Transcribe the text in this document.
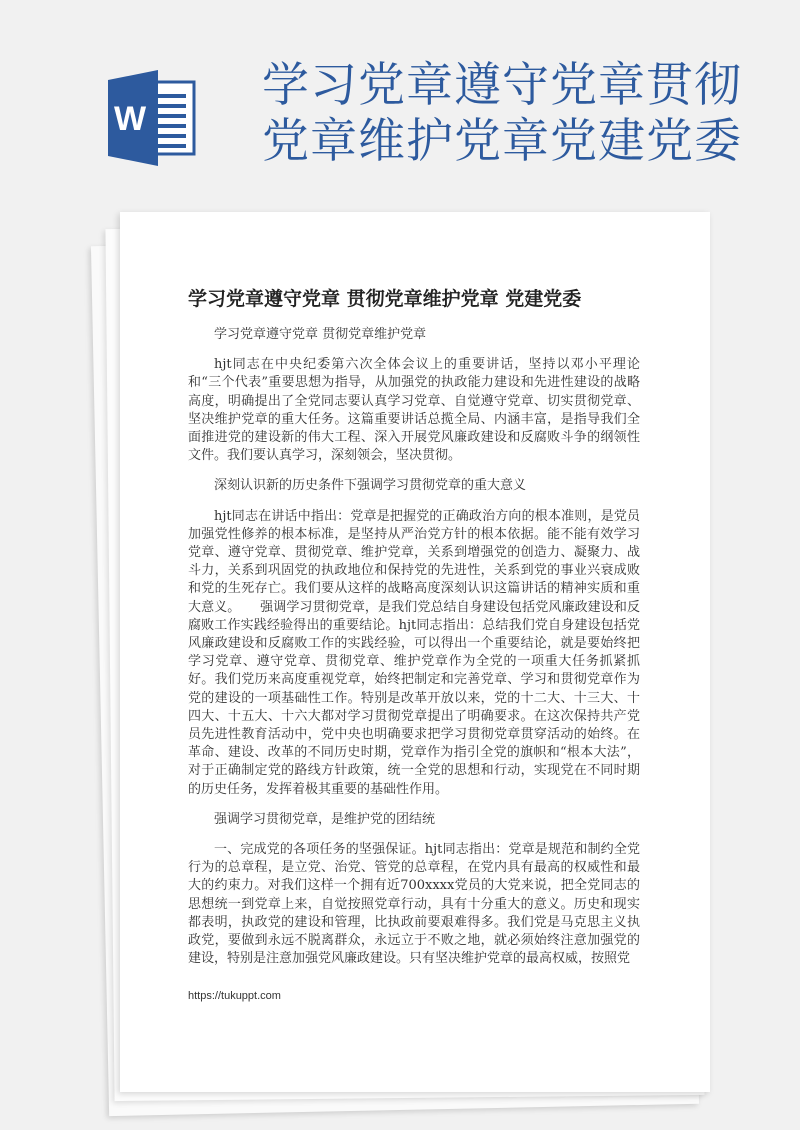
W
学习党章遵守党章贯彻
党章维护党章党建党委
学习党章遵守党章 贯彻党章维护党章 党建党委

学习党章遵守党章 贯彻党章维护党章

hjt同志在中央纪委第六次全体会议上的重要讲话，坚持以邓小平理论和“三个代表”重要思想为指导，从加强党的执政能力建设和先进性建设的战略高度，明确提出了全党同志要认真学习党章、自觉遵守党章、切实贯彻党章、坚决维护党章的重大任务。这篇重要讲话总揽全局、内涵丰富，是指导我们全面推进党的建设新的伟大工程、深入开展党风廉政建设和反腐败斗争的纲领性文件。我们要认真学习，深刻领会，坚决贯彻。

深刻认识新的历史条件下强调学习贯彻党章的重大意义

hjt同志在讲话中指出：党章是把握党的正确政治方向的根本准则，是党员加强党性修养的根本标准，是坚持从严治党方针的根本依据。能不能有效学习党章、遵守党章、贯彻党章、维护党章，关系到增强党的创造力、凝聚力、战斗力，关系到巩固党的执政地位和保持党的先进性，关系到党的事业兴衰成败和党的生死存亡。我们要从这样的战略高度深刻认识这篇讲话的精神实质和重大意义。　　强调学习贯彻党章，是我们党总结自身建设包括党风廉政建设和反腐败工作实践经验得出的重要结论。hjt同志指出：总结我们党自身建设包括党风廉政建设和反腐败工作的实践经验，可以得出一个重要结论，就是要始终把学习党章、遵守党章、贯彻党章、维护党章作为全党的一项重大任务抓紧抓好。我们党历来高度重视党章，始终把制定和完善党章、学习和贯彻党章作为党的建设的一项基础性工作。特别是改革开放以来，党的十二大、十三大、十四大、十五大、十六大都对学习贯彻党章提出了明确要求。在这次保持共产党员先进性教育活动中，党中央也明确要求把学习贯彻党章贯穿活动的始终。在革命、建设、改革的不同历史时期，党章作为指引全党的旗帜和“根本大法”，对于正确制定党的路线方针政策，统一全党的思想和行动，实现党在不同时期的历史任务，发挥着极其重要的基础性作用。

强调学习贯彻党章，是维护党的团结统

一、完成党的各项任务的坚强保证。hjt同志指出：党章是规范和制约全党行为的总章程，是立党、治党、管党的总章程，在党内具有最高的权威性和最大的约束力。对我们这样一个拥有近700xxxx党员的大党来说，把全党同志的思想统一到党章上来，自觉按照党章行动，具有十分重大的意义。历史和现实都表明，执政党的建设和管理，比执政前要艰难得多。我们党是马克思主义执政党，要做到永远不脱离群众，永远立于不败之地，就必须始终注意加强党的建设，特别是注意加强党风廉政建设。只有坚决维护党章的最高权威，按照党

https://tukuppt.com
